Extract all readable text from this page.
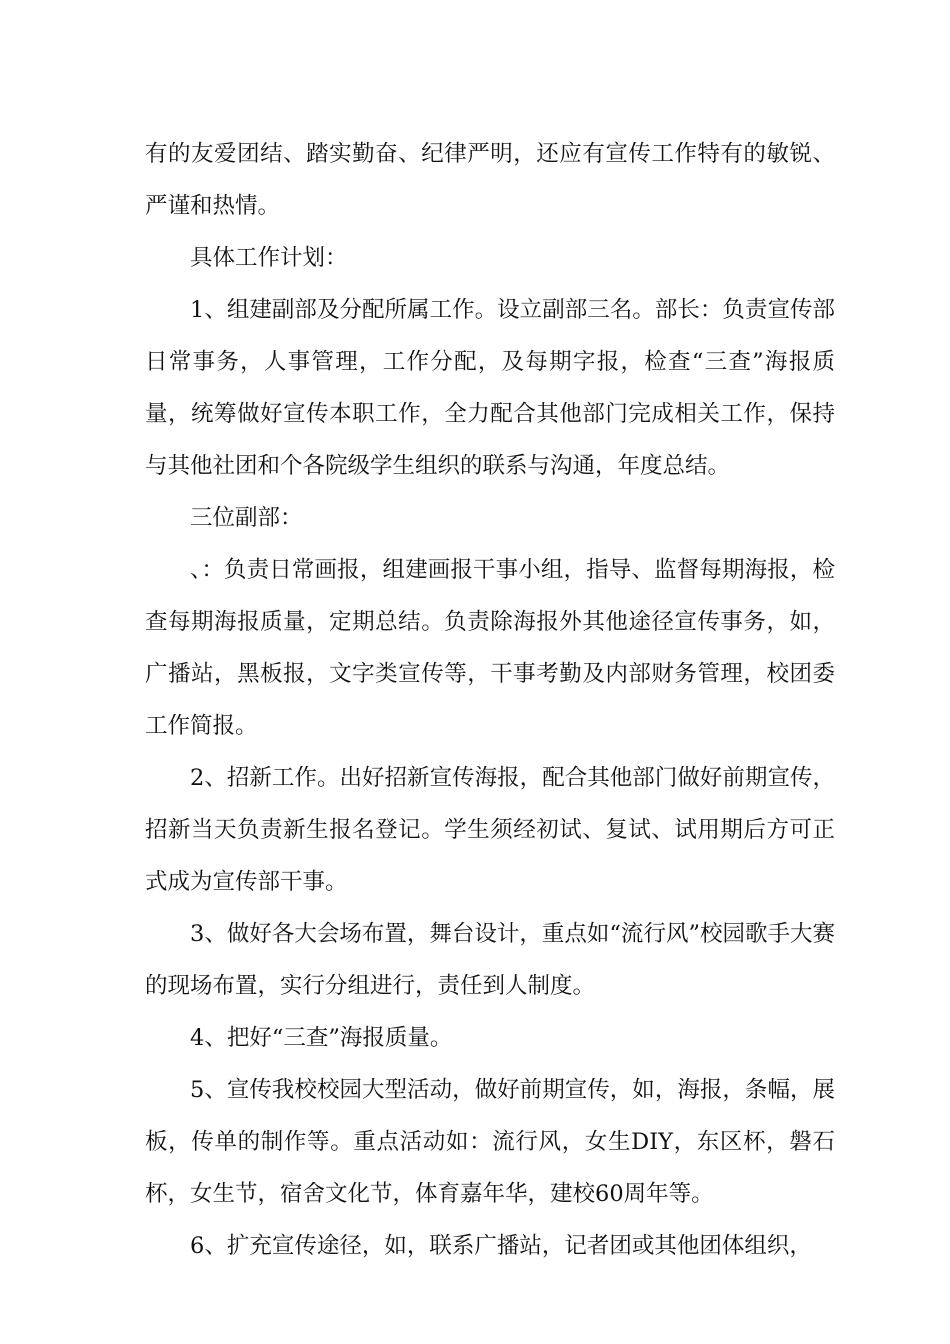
有的友爱团结、踏实勤奋、纪律严明，还应有宣传工作特有的敏锐、严谨和热情。

具体工作计划：

1、组建副部及分配所属工作。设立副部三名。部长：负责宣传部日常事务，人事管理，工作分配，及每期字报，检查“三查”海报质量，统筹做好宣传本职工作，全力配合其他部门完成相关工作，保持与其他社团和个各院级学生组织的联系与沟通，年度总结。

三位副部：

、：负责日常画报，组建画报干事小组，指导、监督每期海报，检查每期海报质量，定期总结。负责除海报外其他途径宣传事务，如，广播站，黑板报，文字类宣传等，干事考勤及内部财务管理，校团委工作简报。

2、招新工作。出好招新宣传海报，配合其他部门做好前期宣传，招新当天负责新生报名登记。学生须经初试、复试、试用期后方可正式成为宣传部干事。

3、做好各大会场布置，舞台设计，重点如“流行风”校园歌手大赛的现场布置，实行分组进行，责任到人制度。

4、把好“三查”海报质量。

5、宣传我校校园大型活动，做好前期宣传，如，海报，条幅，展板，传单的制作等。重点活动如：流行风，女生DIY，东区杯，磐石杯，女生节，宿舍文化节，体育嘉年华，建校60周年等。

6、扩充宣传途径，如，联系广播站，记者团或其他团体组织，
